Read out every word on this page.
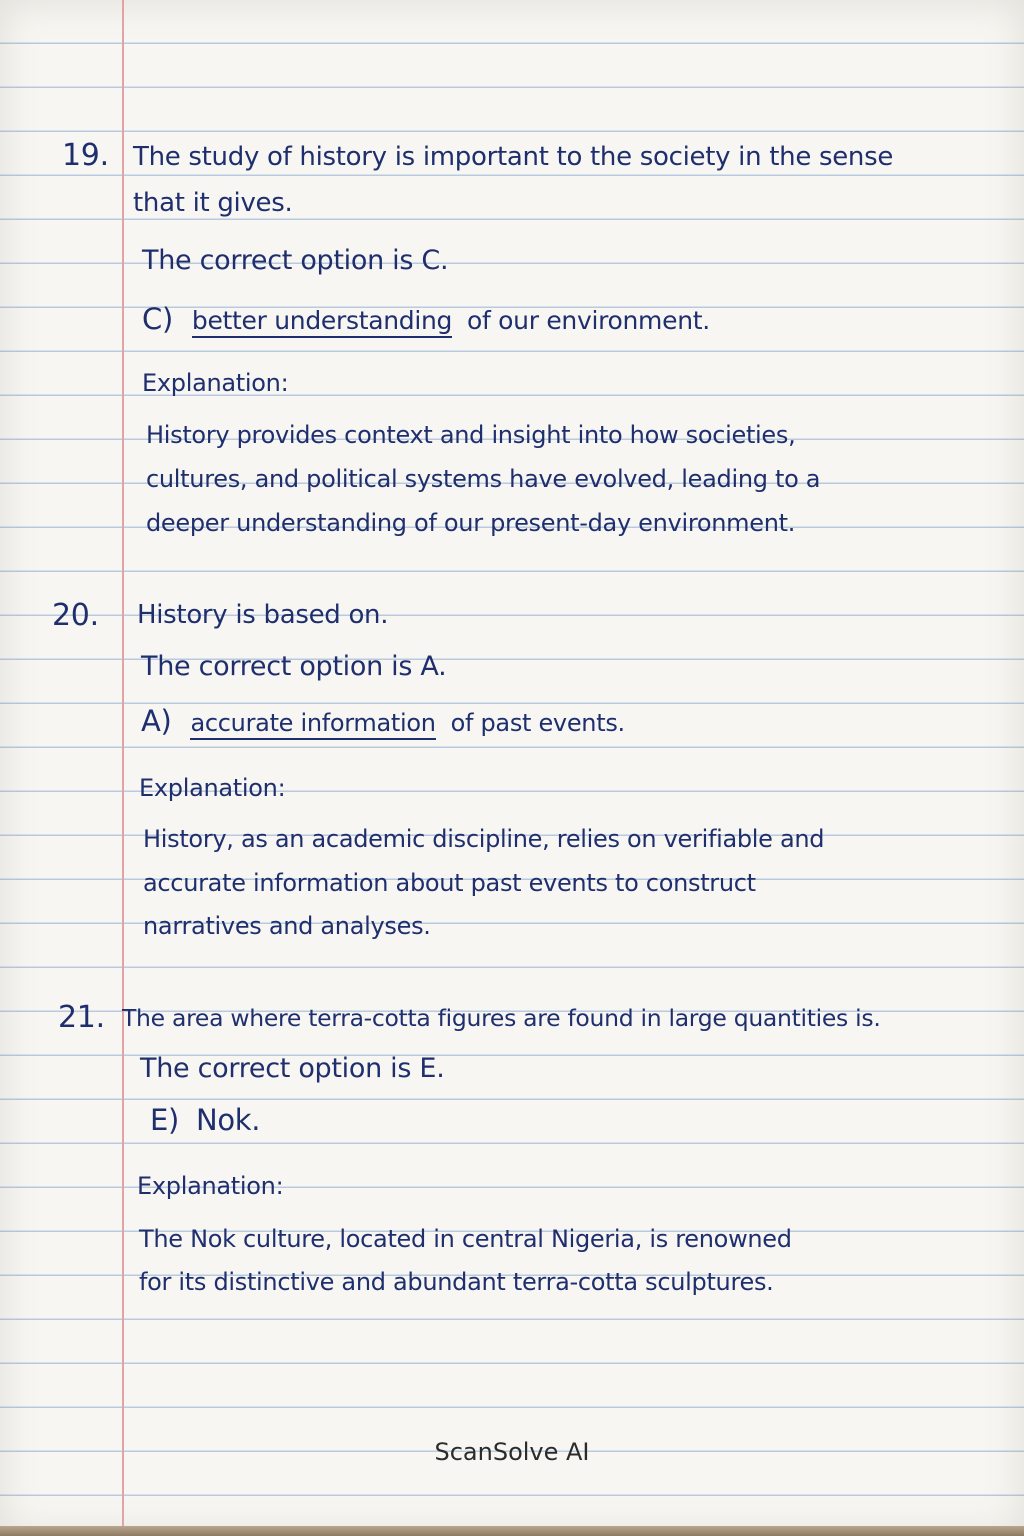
19. The study of history is important to the society in the sense
that it gives.
The correct option is C.
C) better understanding of our environment.
Explanation:
History provides context and insight into how societies,
cultures, and political systems have evolved, leading to a
deeper understanding of our present-day environment.
20. History is based on.
The correct option is A.
A) accurate information of past events.
Explanation:
History, as an academic discipline, relies on verifiable and
accurate information about past events to construct
narratives and analyses.
21. The area where terra-cotta figures are found in large quantities is.
The correct option is E.
E) Nok.
Explanation:
The Nok culture, located in central Nigeria, is renowned
for its distinctive and abundant terra-cotta sculptures.
ScanSolve AI
